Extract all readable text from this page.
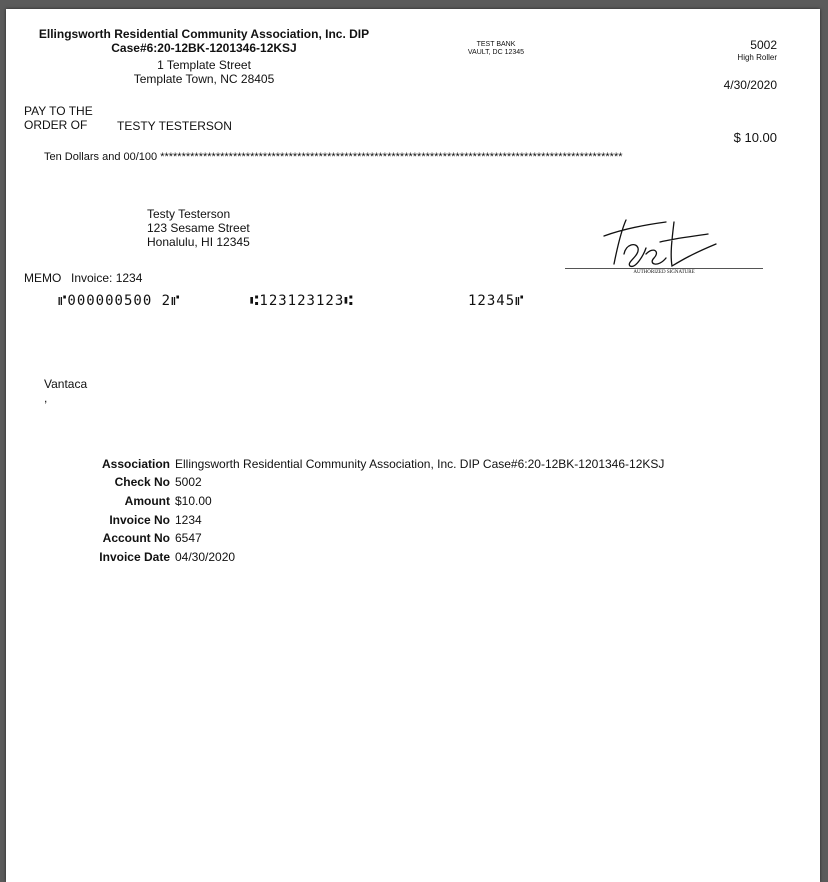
Ellingsworth Residential Community Association, Inc. DIP
Case#6:20-12BK-1201346-12KSJ
1 Template Street
Template Town, NC 28405
TEST BANK
VAULT, DC 12345
5002
High Roller
4/30/2020
PAY TO THE
ORDER OF TESTY TESTERSON
$ 10.00
Ten Dollars and 00/100 ************************************************************************************************************
Testy Testerson
123 Sesame Street
Honalulu, HI 12345
AUTHORIZED SIGNATURE
MEMO Invoice: 1234
⑈000000500 2⑈	⑆123123123⑆	12345⑈
Vantaca
,
Association Ellingsworth Residential Community Association, Inc. DIP Case#6:20-12BK-1201346-12KSJ
Check No 5002
Amount $10.00
Invoice No 1234
Account No 6547
Invoice Date 04/30/2020
